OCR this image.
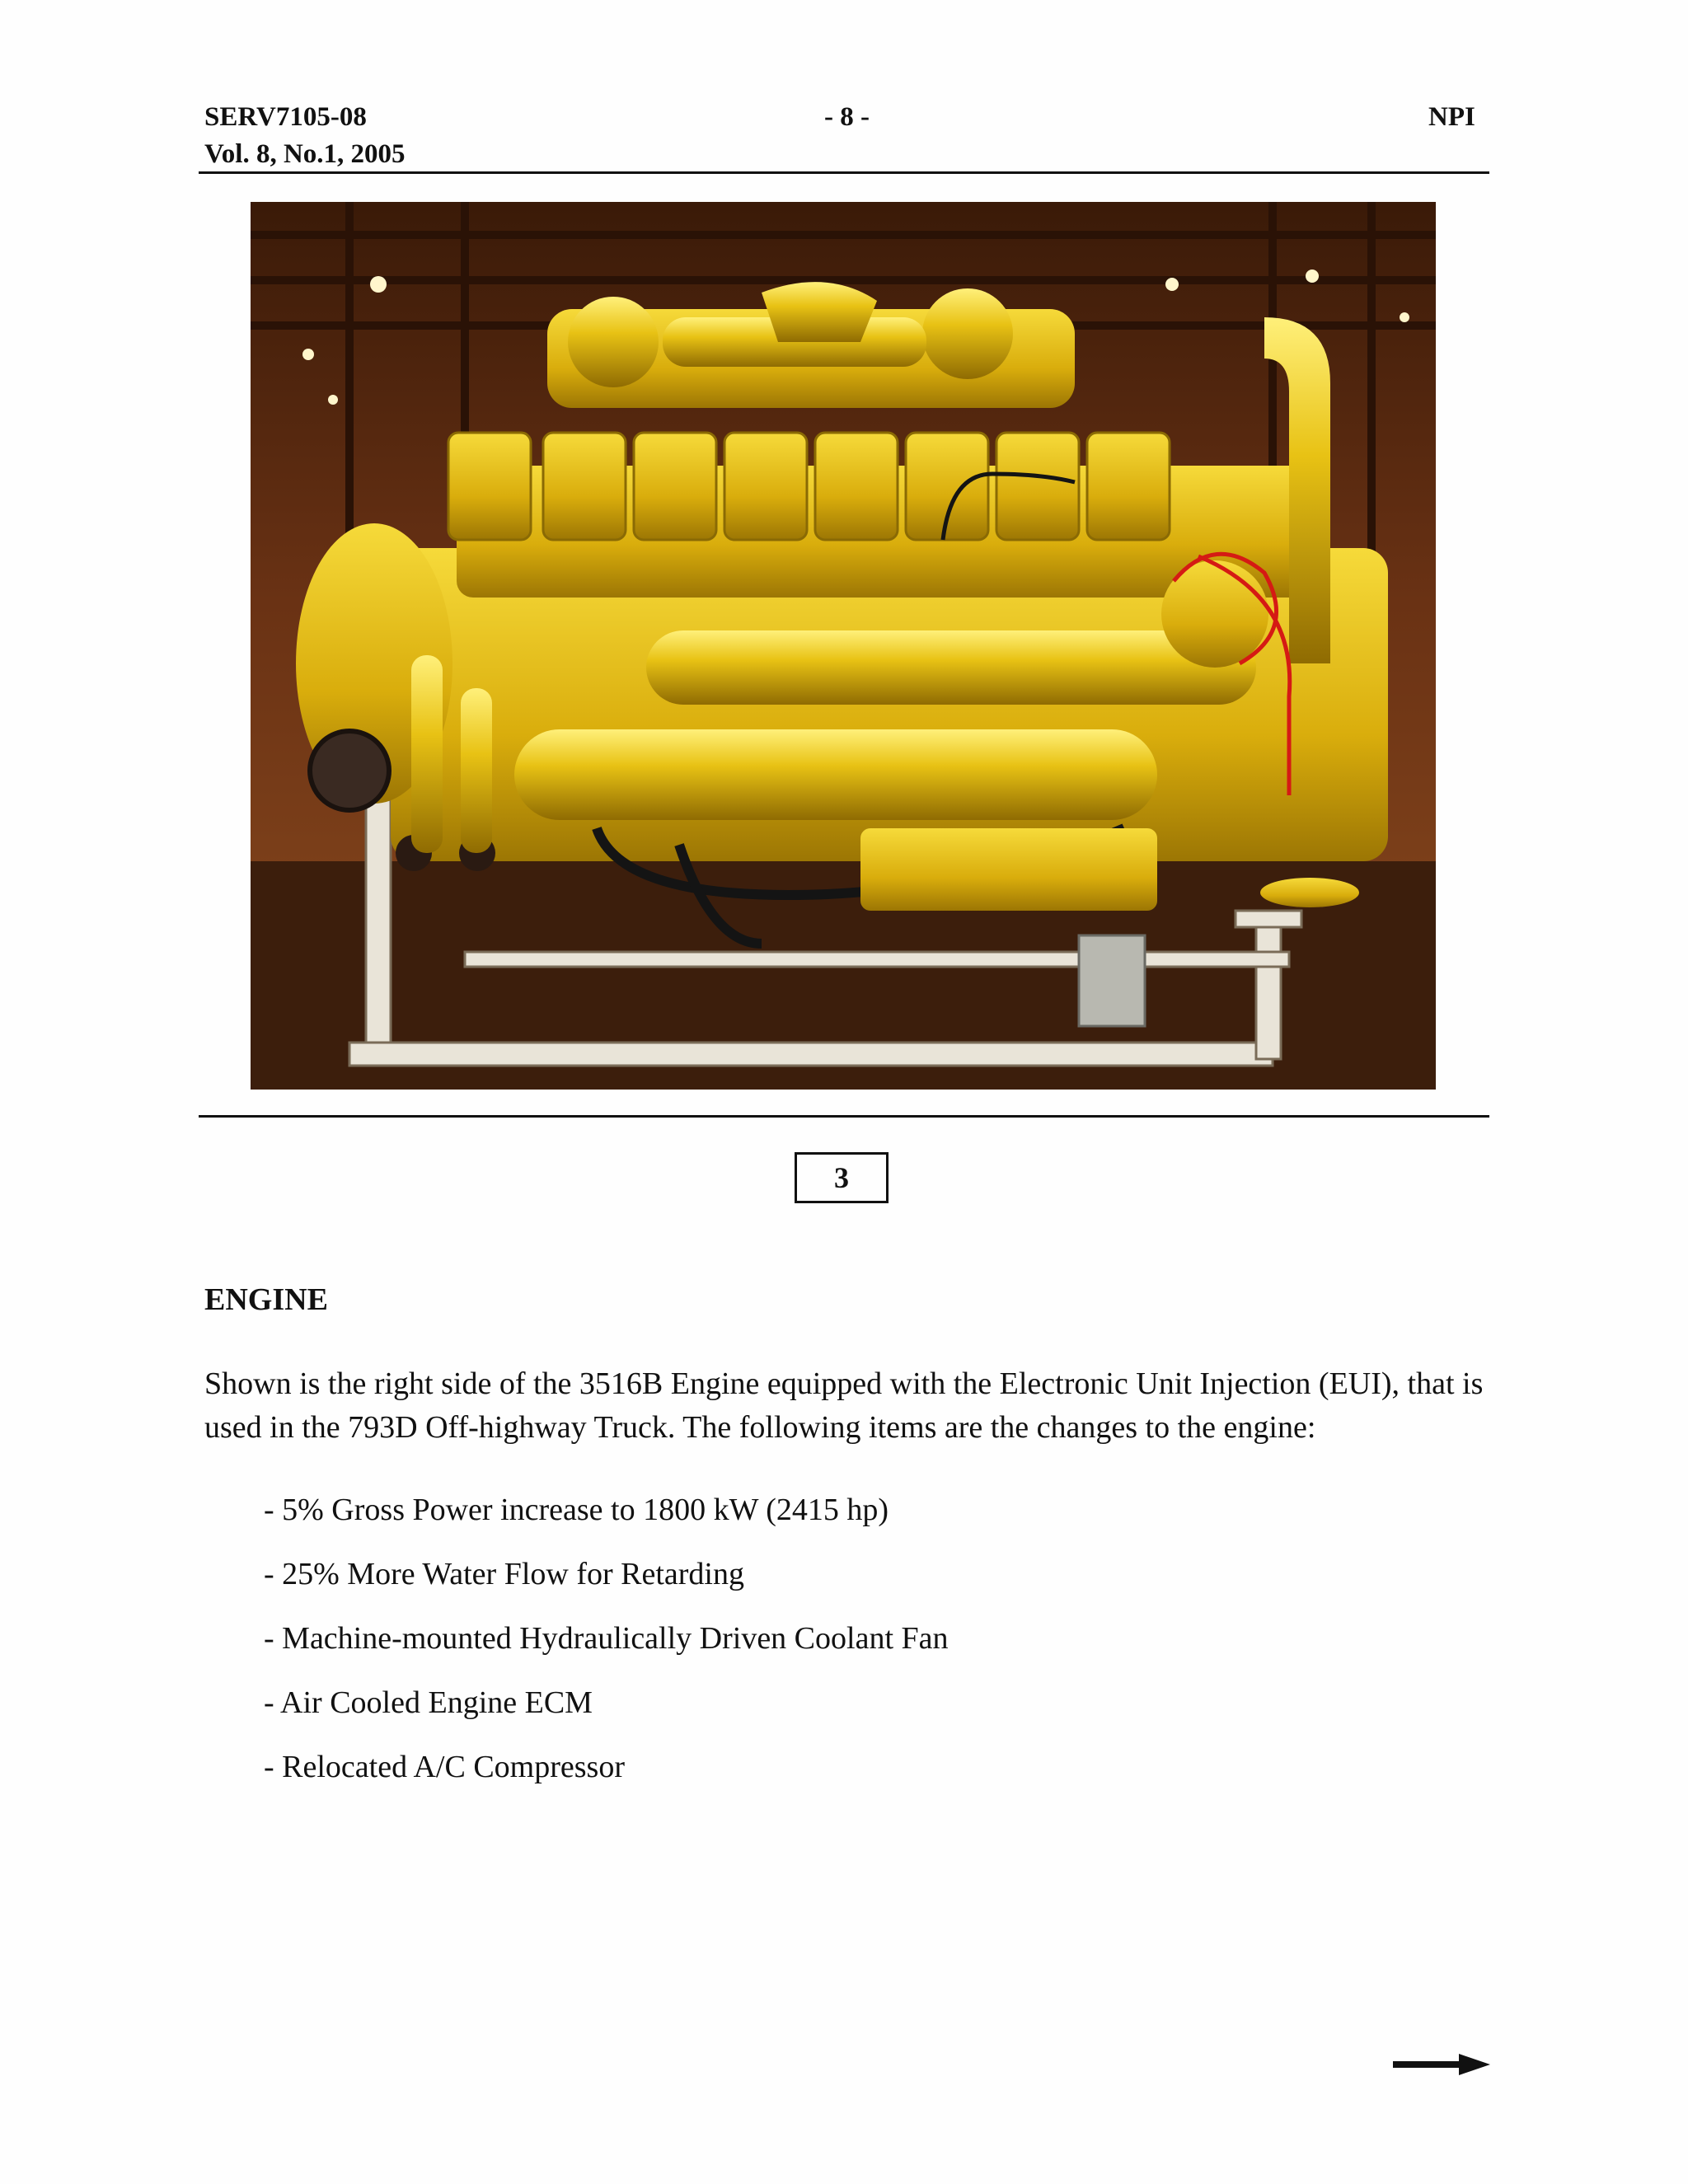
SERV7105-08
Vol. 8, No.1, 2005
- 8 -	NPI
3
ENGINE
Shown is the right side of the 3516B Engine equipped with the Electronic Unit Injection (EUI), that is used in the 793D Off-highway Truck. The following items are the changes to the engine:
- 5% Gross Power increase to 1800 kW (2415 hp)
- 25% More Water Flow for Retarding
- Machine-mounted Hydraulically Driven Coolant Fan
- Air Cooled Engine ECM
- Relocated A/C Compressor
